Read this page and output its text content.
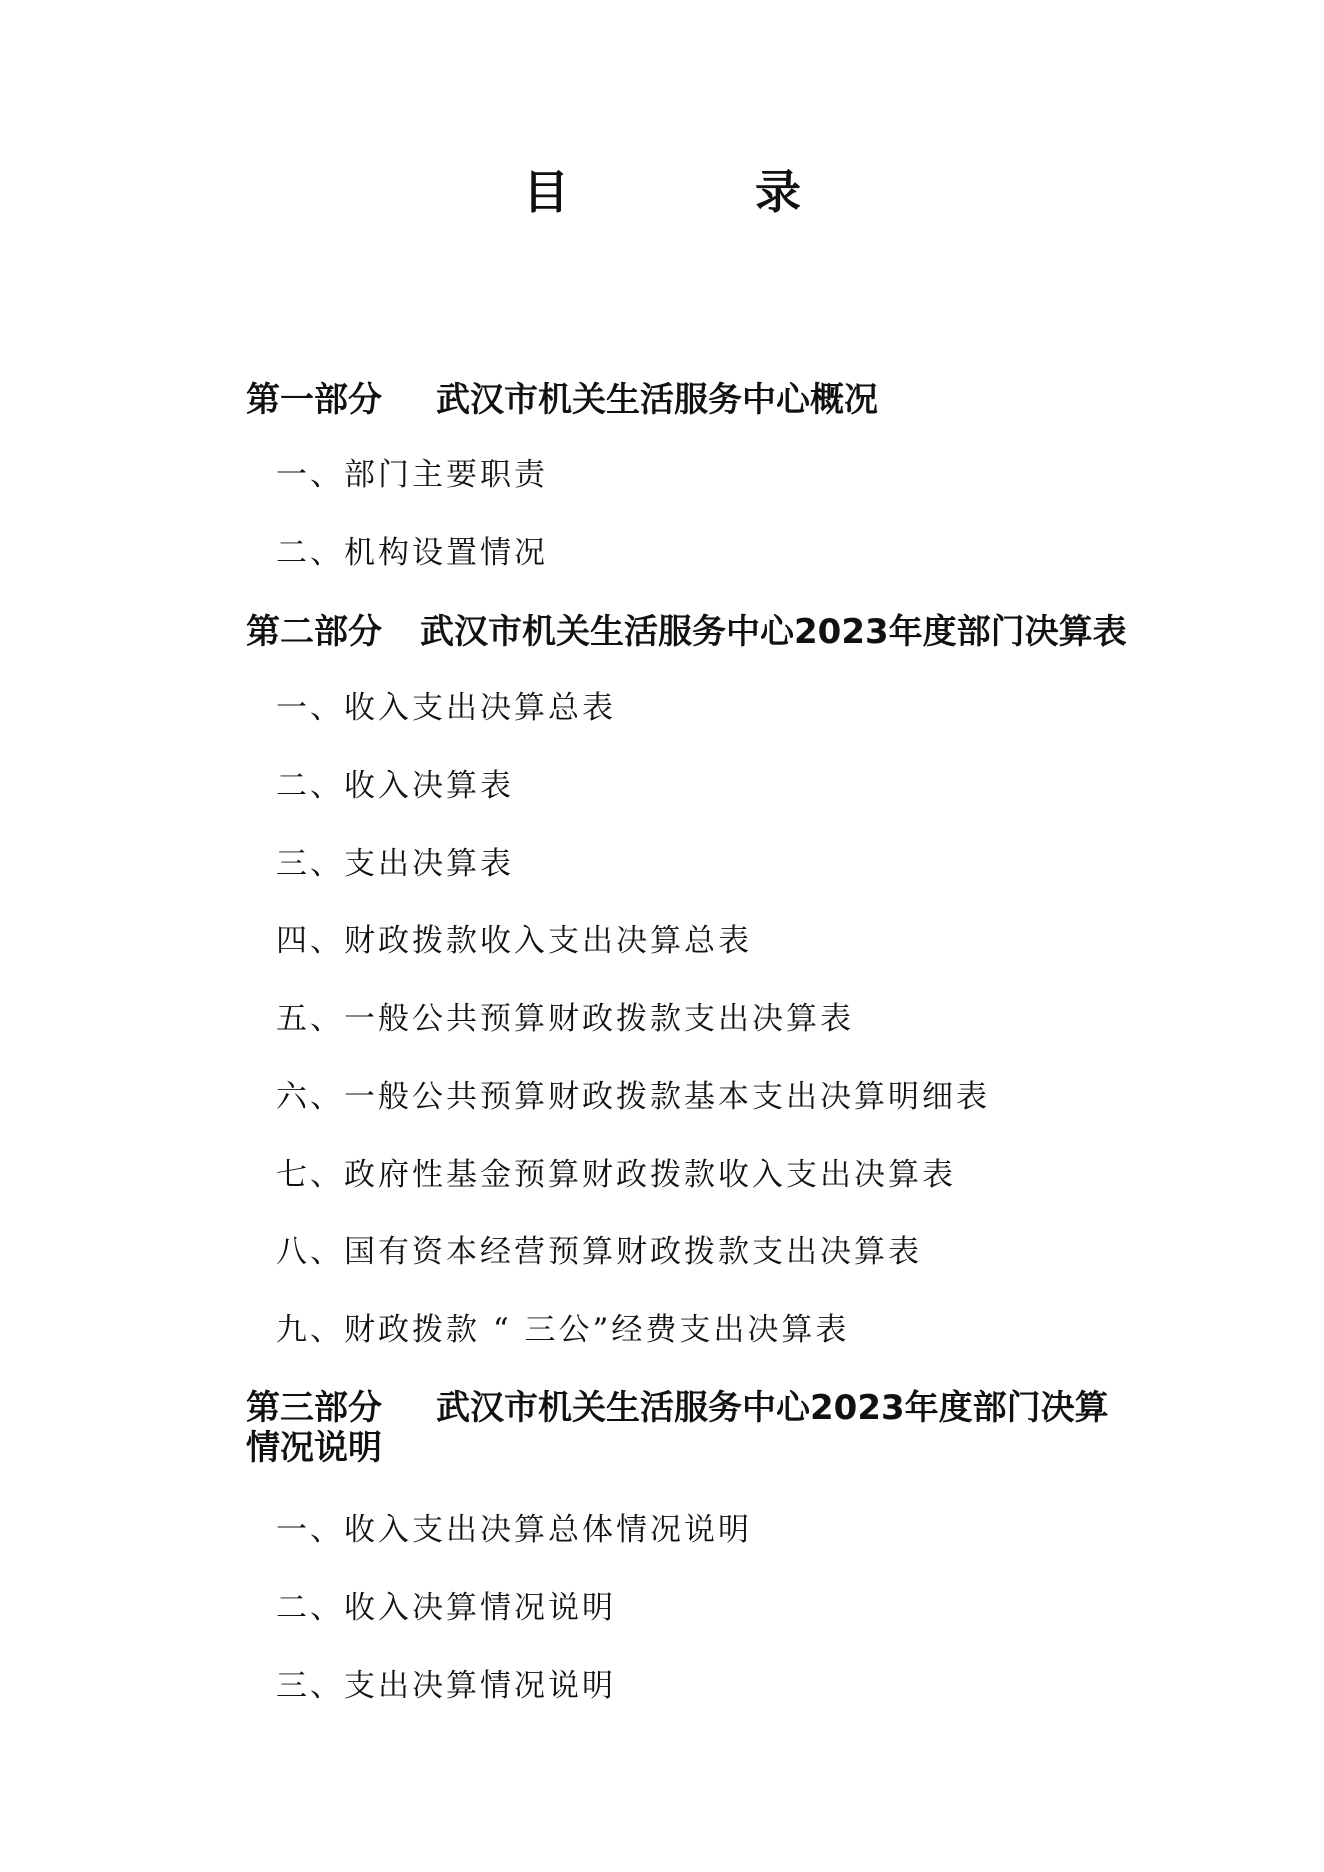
目　录
第一部分 武汉市机关生活服务中心概况
一、部门主要职责
二、机构设置情况
第二部分 武汉市机关生活服务中心2023年度部门决算表
一、收入支出决算总表
二、收入决算表
三、支出决算表
四、财政拨款收入支出决算总表
五、一般公共预算财政拨款支出决算表
六、一般公共预算财政拨款基本支出决算明细表
七、政府性基金预算财政拨款收入支出决算表
八、国有资本经营预算财政拨款支出决算表
九、财政拨款 “ 三公”经费支出决算表
第三部分 武汉市机关生活服务中心2023年度部门决算情况说明
一、收入支出决算总体情况说明
二、收入决算情况说明
三、支出决算情况说明
